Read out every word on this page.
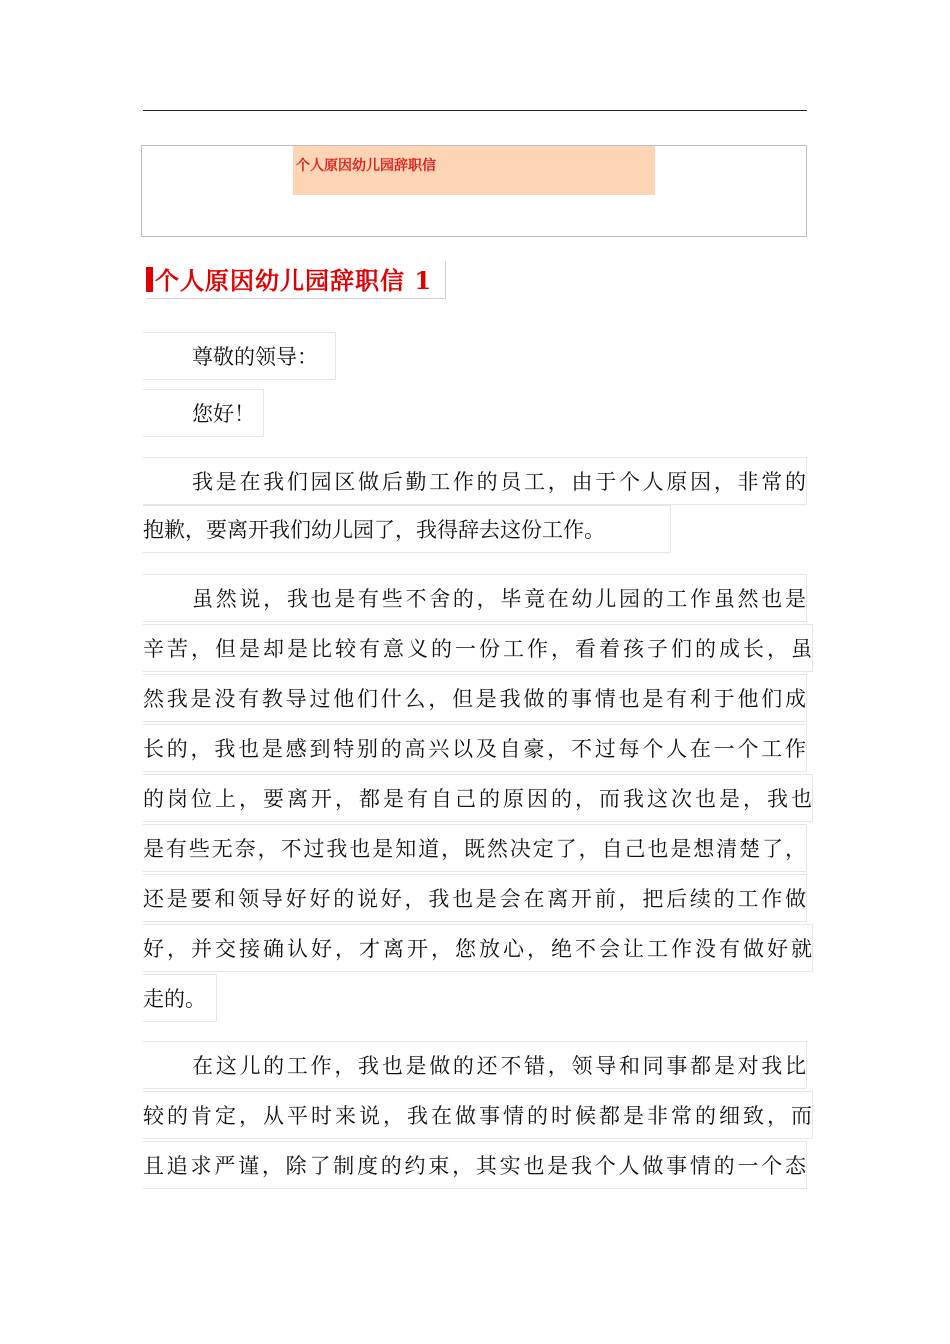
个人原因幼儿园辞职信
个人原因幼儿园辞职信 1
尊敬的领导：
您好！
我是在我们园区做后勤工作的员工，由于个人原因，非常的
抱歉，要离开我们幼儿园了，我得辞去这份工作。
虽然说，我也是有些不舍的，毕竟在幼儿园的工作虽然也是
辛苦，但是却是比较有意义的一份工作，看着孩子们的成长，虽
然我是没有教导过他们什么，但是我做的事情也是有利于他们成
长的，我也是感到特别的高兴以及自豪，不过每个人在一个工作
的岗位上，要离开，都是有自己的原因的，而我这次也是，我也
是有些无奈，不过我也是知道，既然决定了，自己也是想清楚了，
还是要和领导好好的说好，我也是会在离开前，把后续的工作做
好，并交接确认好，才离开，您放心，绝不会让工作没有做好就
走的。
在这儿的工作，我也是做的还不错，领导和同事都是对我比
较的肯定，从平时来说，我在做事情的时候都是非常的细致，而
且追求严谨，除了制度的约束，其实也是我个人做事情的一个态
